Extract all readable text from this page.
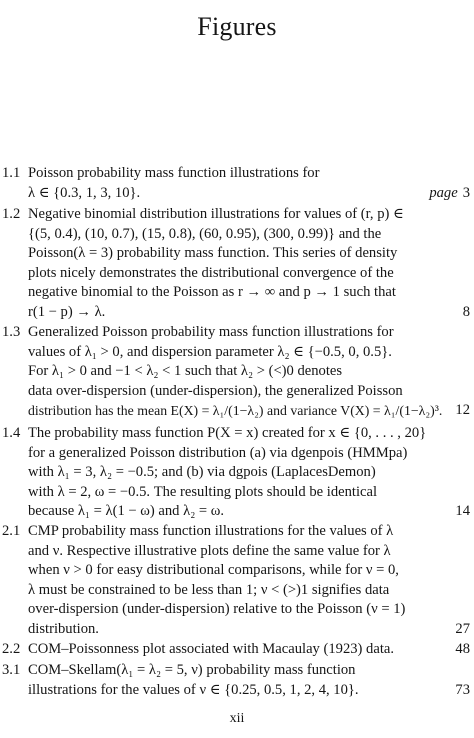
Figures
1.1 Poisson probability mass function illustrations for
λ ∈ {0.3, 1, 3, 10}.	page 3
1.2 Negative binomial distribution illustrations for values of (r, p) ∈
{(5, 0.4), (10, 0.7), (15, 0.8), (60, 0.95), (300, 0.99)} and the
Poisson(λ = 3) probability mass function. This series of density
plots nicely demonstrates the distributional convergence of the
negative binomial to the Poisson as r → ∞ and p → 1 such that
r(1 − p) → λ.	8
1.3 Generalized Poisson probability mass function illustrations for
values of λ₁ > 0, and dispersion parameter λ₂ ∈ {−0.5, 0, 0.5}.
For λ₁ > 0 and −1 < λ₂ < 1 such that λ₂ > (<)0 denotes
data over-dispersion (under-dispersion), the generalized Poisson
distribution has the mean E(X) = λ₁/(1−λ₂) and variance V(X) = λ₁/(1−λ₂)³. 12
1.4 The probability mass function P(X = x) created for x ∈ {0, . . . , 20}
for a generalized Poisson distribution (a) via dgenpois (HMMpa)
with λ₁ = 3, λ₂ = −0.5; and (b) via dgpois (LaplacesDemon)
with λ = 2, ω = −0.5. The resulting plots should be identical
because λ₁ = λ(1 − ω) and λ₂ = ω.	14
2.1 CMP probability mass function illustrations for the values of λ
and ν. Respective illustrative plots define the same value for λ
when ν > 0 for easy distributional comparisons, while for ν = 0,
λ must be constrained to be less than 1; ν < (>)1 signifies data
over-dispersion (under-dispersion) relative to the Poisson (ν = 1)
distribution.	27
2.2 COM–Poissonness plot associated with Macaulay (1923) data.	48
3.1 COM–Skellam(λ₁ = λ₂ = 5, ν) probability mass function
illustrations for the values of ν ∈ {0.25, 0.5, 1, 2, 4, 10}.	73
xii
